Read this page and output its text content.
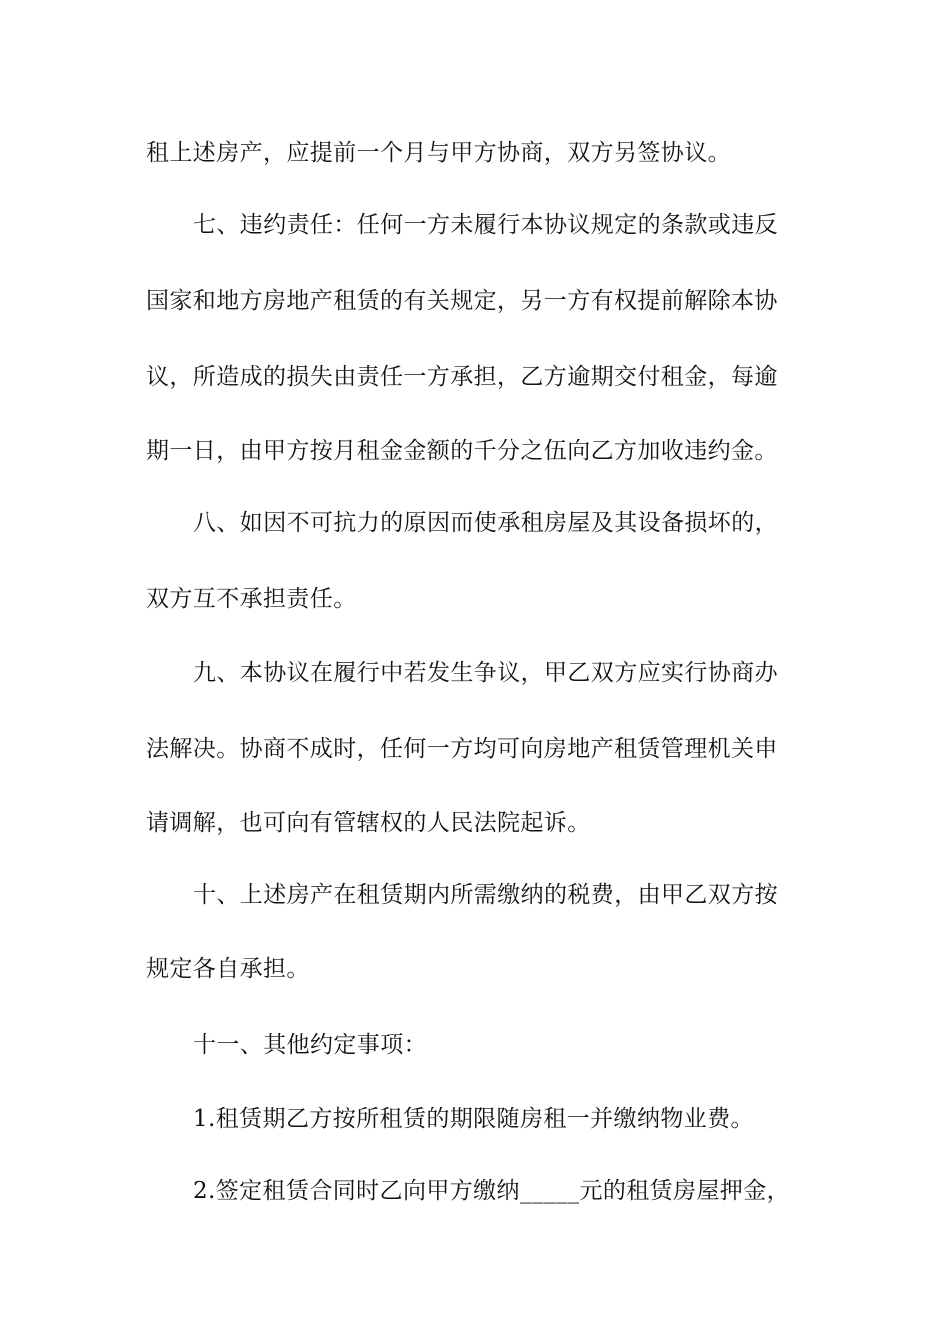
租上述房产，应提前一个月与甲方协商，双方另签协议。
七、违约责任：任何一方未履行本协议规定的条款或违反
国家和地方房地产租赁的有关规定，另一方有权提前解除本协
议，所造成的损失由责任一方承担，乙方逾期交付租金，每逾
期一日，由甲方按月租金金额的千分之伍向乙方加收违约金。
八、如因不可抗力的原因而使承租房屋及其设备损坏的，
双方互不承担责任。
九、本协议在履行中若发生争议，甲乙双方应实行协商办
法解决。协商不成时，任何一方均可向房地产租赁管理机关申
请调解，也可向有管辖权的人民法院起诉。
十、上述房产在租赁期内所需缴纳的税费，由甲乙双方按
规定各自承担。
十一、其他约定事项：
1.租赁期乙方按所租赁的期限随房租一并缴纳物业费。
2.签定租赁合同时乙向甲方缴纳_____元的租赁房屋押金，
